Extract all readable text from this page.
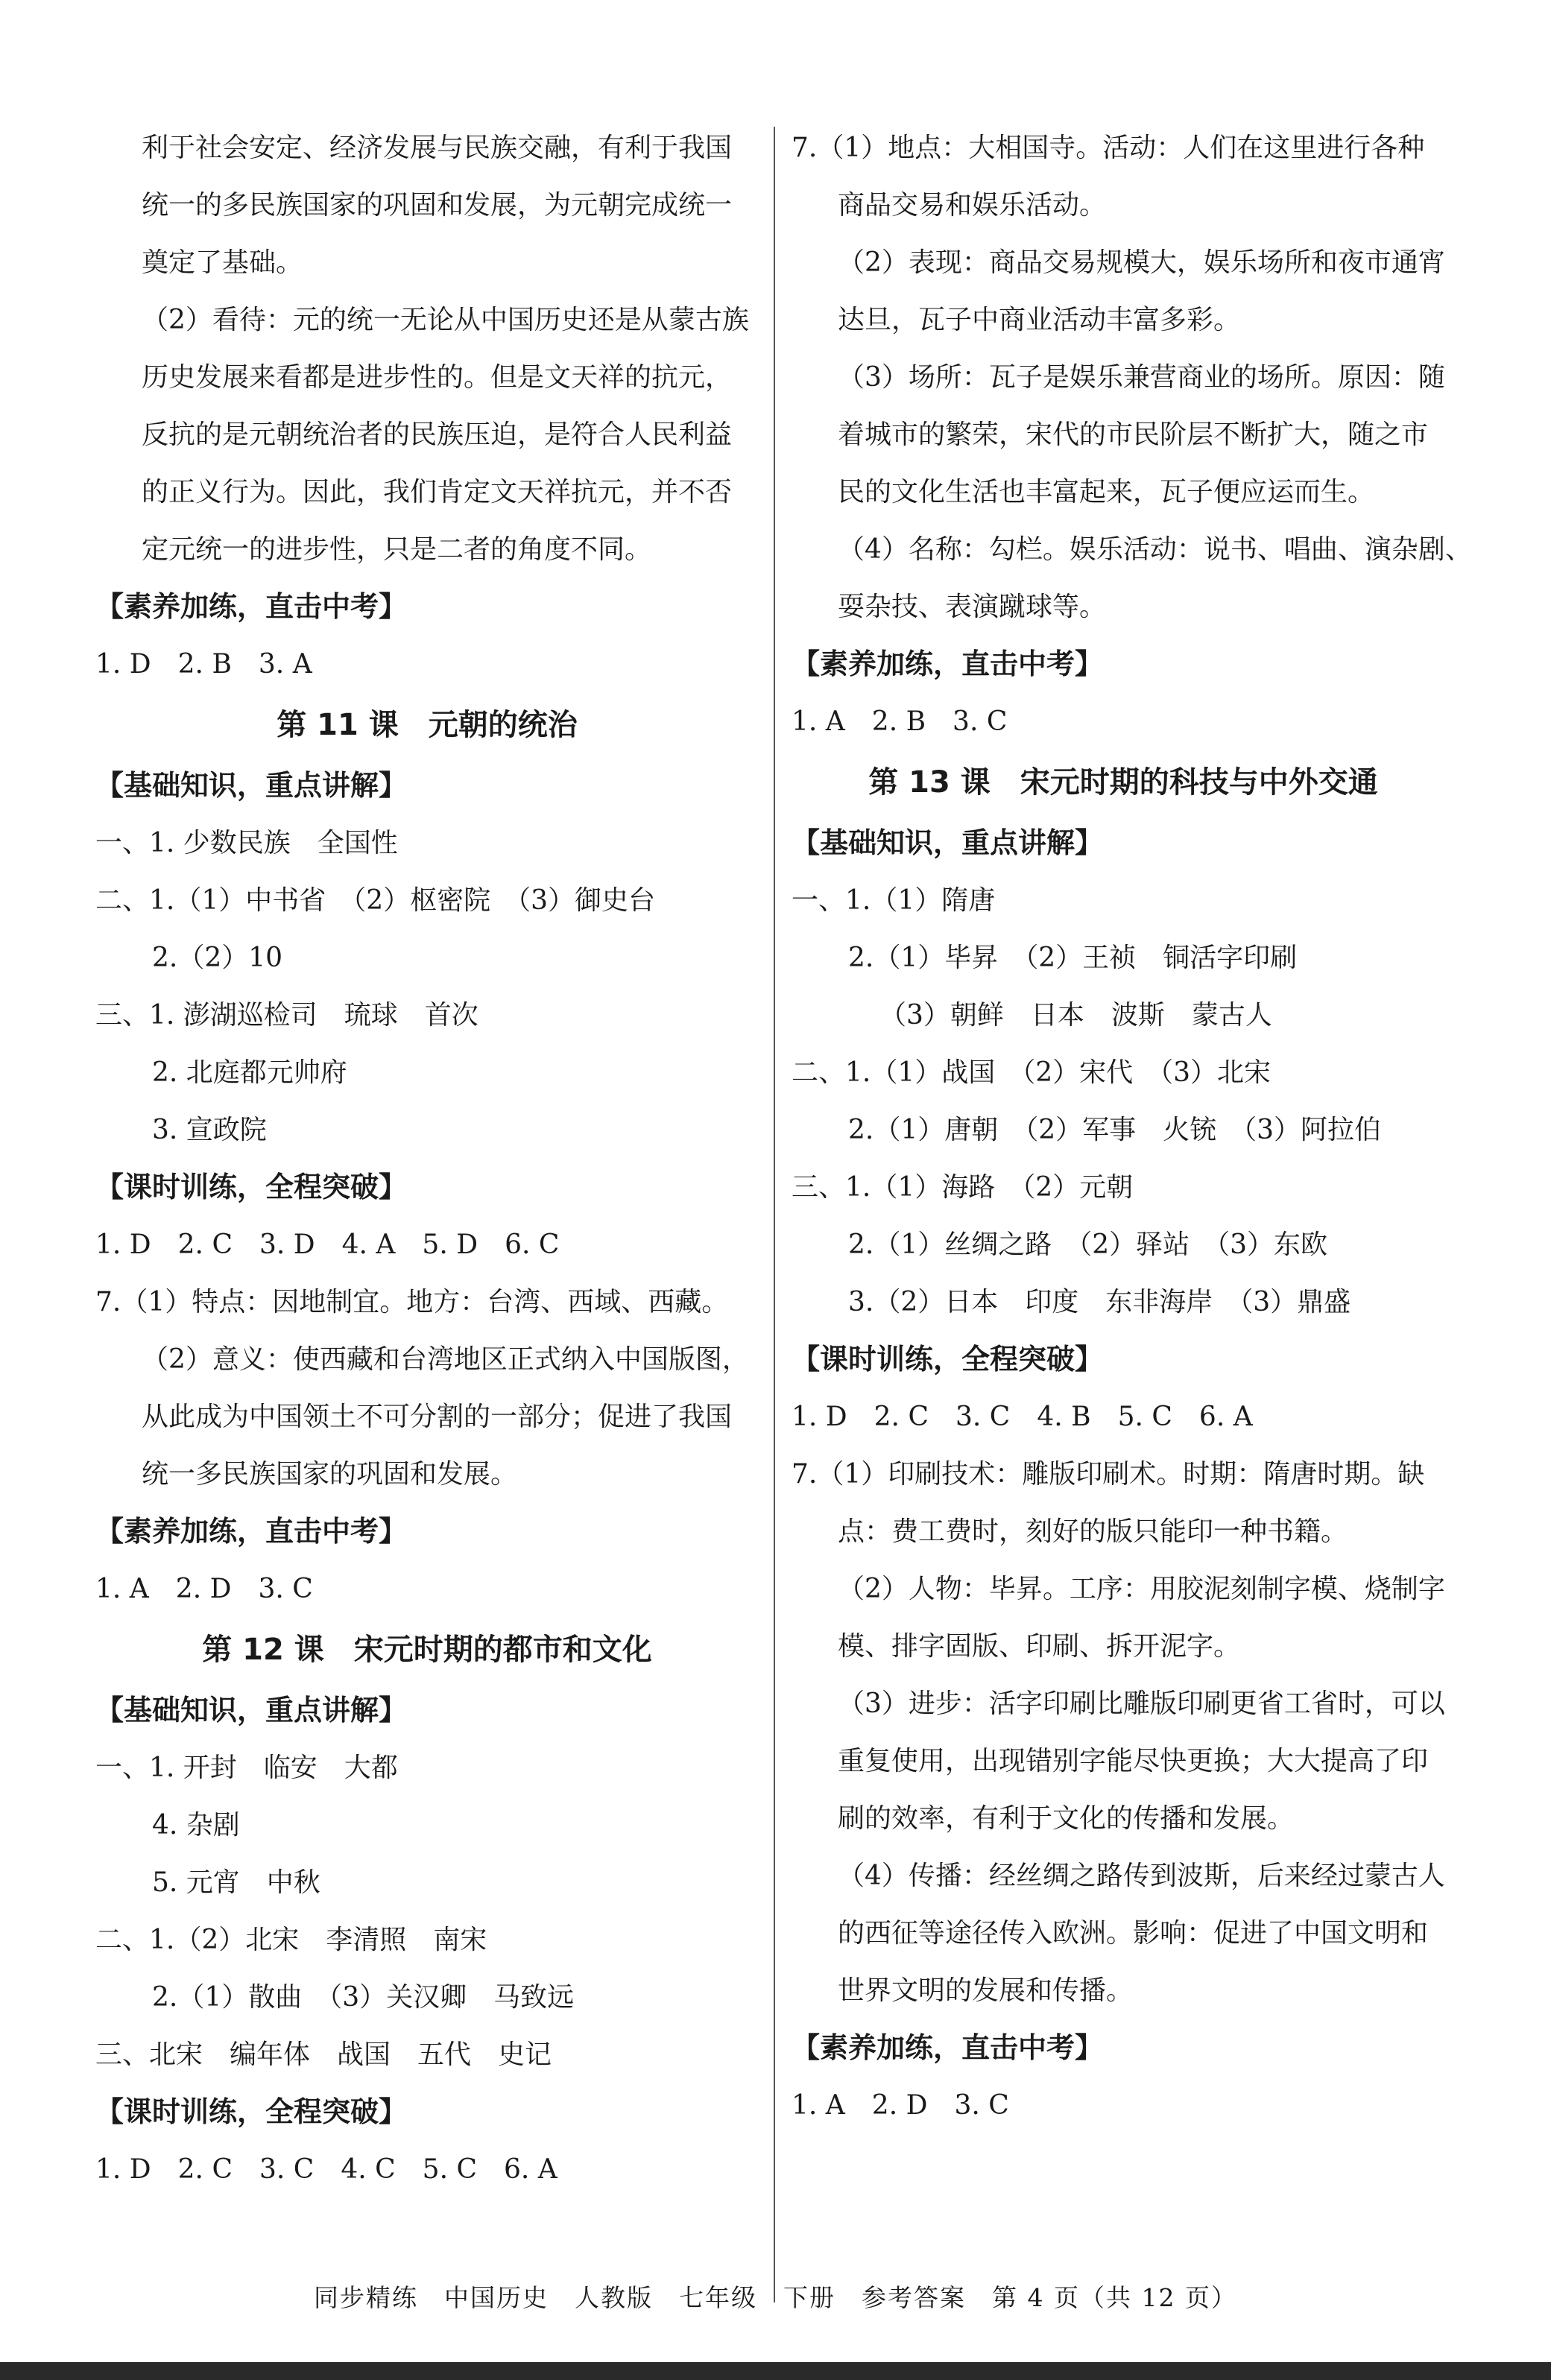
利于社会安定、经济发展与民族交融，有利于我国
统一的多民族国家的巩固和发展，为元朝完成统一
奠定了基础。
（2）看待：元的统一无论从中国历史还是从蒙古族
历史发展来看都是进步性的。但是文天祥的抗元，
反抗的是元朝统治者的民族压迫，是符合人民利益
的正义行为。因此，我们肯定文天祥抗元，并不否
定元统一的进步性，只是二者的角度不同。
【素养加练，直击中考】
1. D　2. B　3. A
第 11 课　元朝的统治
【基础知识，重点讲解】
一、1. 少数民族　全国性
二、1.（1）中书省　（2）枢密院　（3）御史台
2.（2）10
三、1. 澎湖巡检司　琉球　首次
2. 北庭都元帅府
3. 宣政院
【课时训练，全程突破】
1. D　2. C　3. D　4. A　5. D　6. C
7.（1）特点：因地制宜。地方：台湾、西域、西藏。
（2）意义：使西藏和台湾地区正式纳入中国版图，
从此成为中国领土不可分割的一部分；促进了我国
统一多民族国家的巩固和发展。
【素养加练，直击中考】
1. A　2. D　3. C
第 12 课　宋元时期的都市和文化
【基础知识，重点讲解】
一、1. 开封　临安　大都
4. 杂剧
5. 元宵　中秋
二、1.（2）北宋　李清照　南宋
2.（1）散曲　（3）关汉卿　马致远
三、北宋　编年体　战国　五代　史记
【课时训练，全程突破】
1. D　2. C　3. C　4. C　5. C　6. A
7.（1）地点：大相国寺。活动：人们在这里进行各种
商品交易和娱乐活动。
（2）表现：商品交易规模大，娱乐场所和夜市通宵
达旦，瓦子中商业活动丰富多彩。
（3）场所：瓦子是娱乐兼营商业的场所。原因：随
着城市的繁荣，宋代的市民阶层不断扩大，随之市
民的文化生活也丰富起来，瓦子便应运而生。
（4）名称：勾栏。娱乐活动：说书、唱曲、演杂剧、
耍杂技、表演蹴球等。
【素养加练，直击中考】
1. A　2. B　3. C
第 13 课　宋元时期的科技与中外交通
【基础知识，重点讲解】
一、1.（1）隋唐
2.（1）毕昇　（2）王祯　铜活字印刷
（3）朝鲜　日本　波斯　蒙古人
二、1.（1）战国　（2）宋代　（3）北宋
2.（1）唐朝　（2）军事　火铳　（3）阿拉伯
三、1.（1）海路　（2）元朝
2.（1）丝绸之路　（2）驿站　（3）东欧
3.（2）日本　印度　东非海岸　（3）鼎盛
【课时训练，全程突破】
1. D　2. C　3. C　4. B　5. C　6. A
7.（1）印刷技术：雕版印刷术。时期：隋唐时期。缺
点：费工费时，刻好的版只能印一种书籍。
（2）人物：毕昇。工序：用胶泥刻制字模、烧制字
模、排字固版、印刷、拆开泥字。
（3）进步：活字印刷比雕版印刷更省工省时，可以
重复使用，出现错别字能尽快更换；大大提高了印
刷的效率，有利于文化的传播和发展。
（4）传播：经丝绸之路传到波斯，后来经过蒙古人
的西征等途径传入欧洲。影响：促进了中国文明和
世界文明的发展和传播。
【素养加练，直击中考】
1. A　2. D　3. C
同步精练　中国历史　人教版　七年级　下册　参考答案　第 4 页（共 12 页）
